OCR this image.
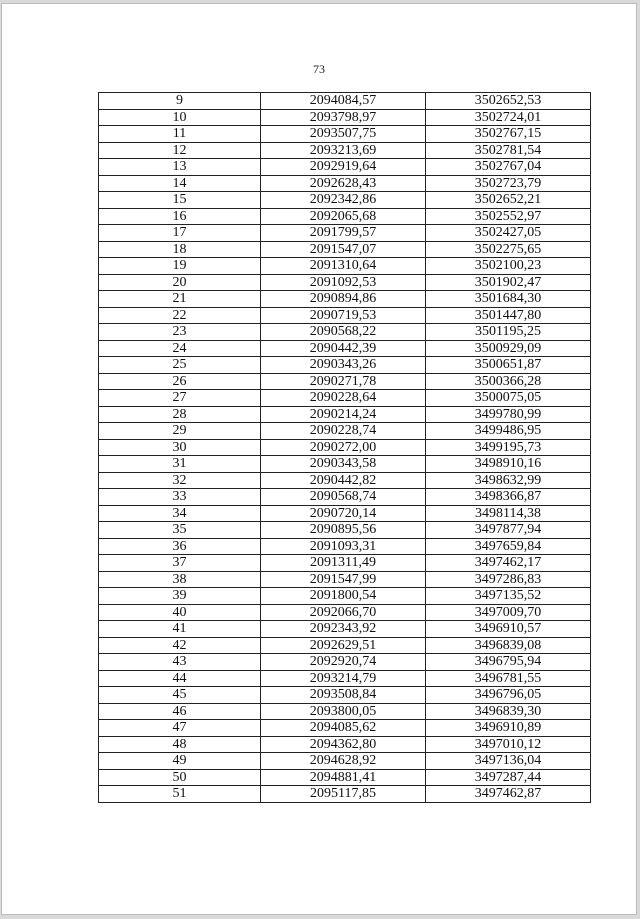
73
9	2094084,57	3502652,53
10	2093798,97	3502724,01
11	2093507,75	3502767,15
12	2093213,69	3502781,54
13	2092919,64	3502767,04
14	2092628,43	3502723,79
15	2092342,86	3502652,21
16	2092065,68	3502552,97
17	2091799,57	3502427,05
18	2091547,07	3502275,65
19	2091310,64	3502100,23
20	2091092,53	3501902,47
21	2090894,86	3501684,30
22	2090719,53	3501447,80
23	2090568,22	3501195,25
24	2090442,39	3500929,09
25	2090343,26	3500651,87
26	2090271,78	3500366,28
27	2090228,64	3500075,05
28	2090214,24	3499780,99
29	2090228,74	3499486,95
30	2090272,00	3499195,73
31	2090343,58	3498910,16
32	2090442,82	3498632,99
33	2090568,74	3498366,87
34	2090720,14	3498114,38
35	2090895,56	3497877,94
36	2091093,31	3497659,84
37	2091311,49	3497462,17
38	2091547,99	3497286,83
39	2091800,54	3497135,52
40	2092066,70	3497009,70
41	2092343,92	3496910,57
42	2092629,51	3496839,08
43	2092920,74	3496795,94
44	2093214,79	3496781,55
45	2093508,84	3496796,05
46	2093800,05	3496839,30
47	2094085,62	3496910,89
48	2094362,80	3497010,12
49	2094628,92	3497136,04
50	2094881,41	3497287,44
51	2095117,85	3497462,87
